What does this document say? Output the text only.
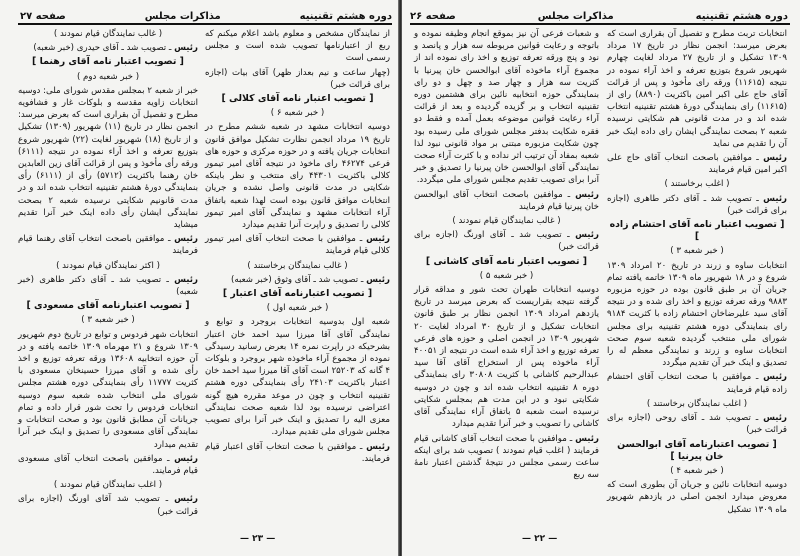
دوره هشتم تقنینیه
مذاکرات مجلس
صفحه ۲۷

از نمایندگان مشخص و معلوم باشد اعلام میکنم که ربع از اعتبارنامها تصویب شده است و مجلس رسمی است

(چهار ساعت و نیم بعداز ظهر) آقای بیات (اجازه برای قرائت خبر)

[ تصویب اعتبار نامه آقای کلالی ]

( خبر شعبه ۶ )

دوسیه انتخابات مشهد در شعبه ششم مطرح در تاریخ ۱۹ مرداد انجمن نظارت تشکیل موافق قانون انتخابات جریان یافته و در حوزه مرکزی و حوزه های فرعی ۴۶۲۷۴ رای ماخوذ در نتیجه آقای امیر تیمور کلالی باکثریت ۴۴۳۰۱ رای منتخب و نظر باینکه شکایتی در مدت قانونی واصل نشده و جریان انتخابات موافق قانون بوده است لهذا شعبه باتفاق آراء انتخابات مشهد و نمایندگی آقای امیر تیمور کلالی را تصدیق و راپرت آنرا تقدیم میدارد

رئیس ـ موافقین با صحت انتخاب آقای امیر تیمور کلالی قیام فرمایند

( غالب نمایندگان برخاستند )

رئیس ـ تصویب شد ـ آقای وثوق (خبر شعبه)

[ تصویب اعتبارنامه آقای اعتبار ]

( خبر شعبه اول )

شعبه اول بدوسیه انتخابات بروجرد و توابع و نمایندگی آقای آقا میرزا سید احمد خان اعتبار بشرحیکه در راپرت نمره ۱۴ بعرض رسانید رسیدگی نموده از مجموع آراء ماخوذه شهر بروجرد و بلوکات ۴ گانه که ۲۵۲۰۳ است آقای آقا میرزا سید احمد خان اعتبار باکثریت ۲۴۱۰۳ رأی بنمایندگی دوره هشتم تقنینیه انتخاب و چون در موعد مقرره هیچ گونه اعتراضی نرسیده بود لذا شعبه صحت نمایندگی معزی الیه را تصدیق و اینک خبر آنرا برای تصویب مجلس شورای ملی تقدیم میدارد.

رئیس ـ موافقین با صحت انتخاب آقای اعتبار قیام فرمایند.

( غالب نمایندگان قیام نمودند )

رئیس ـ تصویب شد ـ آقای حیدری (خبر شعبه)

[ تصویب اعتبار نامه آقای رهنما ]

( خبر شعبه دوم )

خبر از شعبه ۲ بمجلس مقدس شورای ملی: دوسیه انتخابات زاویه مقدسه و بلوکات غار و فشافویه مطرح و تفصیل آن بقراری است که بعرض میرسد: انجمن نظار در تاریخ (۱۱) شهریور (۱۳۰۹) تشکیل و از تاریخ (۱۸) شهریور لغایت (۲۲) شهریور شروع بتوزیع تعرفه و اخذ آراء نموده در نتیجه (۶۱۱۱) ورقه رأی مأخوذ و پس از قرائت آقای زین العابدین خان رهنما باکثریت (۵۷۱۲) رأی از (۶۱۱۱) رأی بنمایندگی دورهٔ هشتم تقنینیه انتخاب شده اند و در مدت قانونیم شکایتی نرسیده شعبه ۲ بصحت نمایندگی ایشان رأی داده اینک خبر آنرا تقدیم میشاید

رئیس ـ موافقین باصحت انتخاب آقای رهنما قیام فرمایند

( اکثر نمایندگان قیام نمودند )

رئیس ـ تصویب شد ـ آقای دکتر طاهری (خبر شعبه)

[ تصویب اعتبارنامه آقای مسعودی ]

( خبر شعبه ۳ )

انتخابات شهر فردوس و توابع در تاریخ دوم شهریور ۱۳۰۹ شروع و ۲۱ مهرماه ۱۳۰۹ خاتمه یافته و در آن حوزه انتخابیه ۱۳۶۰۸ ورقه تعرفه توزیع و اخذ رأی شده و آقای میرزا حسینخان مسعودی با کثریت ۱۱۷۷۷ رأی بنمایندگی دوره هشتم مجلس شورای ملی انتخاب شده شعبه سوم دوسیه انتخابات فردوس را تحت شور قرار داده و تمام جریانات آن مطابق قانون بود و صحت انتخابات و نمایندگی آقای مسعودی را تصدیق و اینک خبر آنرا تقدیم میدارد

رئیس ـ موافقین باصحت انتخاب آقای مسعودی قیام فرمایند.

( اغلب نمایندگان قیام نمودند )

رئیس ـ تصویب شد آقای اورنگ (اجازه برای قرائت خبر)

— ۲۳ —
دوره هشتم تقنینیه
مذاکرات مجلس
صفحه ۲۶

انتخابات تربت مطرح و تفصیل آن بقراری است که بعرض میرسد: انجمن نظار در تاریخ ۱۷ مرداد ۱۳۰۹ تشکیل و از تاریخ ۲۷ مرداد لغایت چهارم شهریور شروع بتوزیع تعرفه و اخذ آراء نموده در نتیجه (۱۱۶۱۵) ورقه رای مأخوذ و پس از قرائت آقای حاج علی اکبر امین باکثریت (۸۸۹۰) رای از (۱۱۶۱۵) رای بنمایندگی دورهٔ هشتم تقنینیه انتخاب شده اند و در مدت قانونی هم شکایتی نرسیده شعبه ۲ بصحت نمایندگی ایشان رای داده اینک خبر آن را تقدیم می نماید

رئیس ـ موافقین باصحت انتخاب آقای حاج علی اکبر امین قیام فرمایند

( اغلب برخاستند )

رئیس ـ تصویب شد ـ آقای دکتر طاهری (اجازه برای قرائت خبر)

[ تصویب اعتبار نامه آقای احتشام زاده ]

( خبر شعبه ۳ )

انتخابات ساوه و زرند در تاریخ ۲۰ امرداد ۱۳۰۹ شروع و در ۱۸ شهریور ماه ۱۳۰۹ خاتمه یافته تمام جریان آن بر طبق قانون بوده در حوزه مزبوره ۹۸۸۳ ورقه تعرفه توزیع و اخذ رای شده و در نتیجه آقای سید علیرضاخان احتشام زاده با کثریت ۹۱۸۴ رای بنمایندگی دوره هشتم تقنینیه برای مجلس شورای ملی منتخب گردیده شعبه سوم صحت انتخابات ساوه و زرند و نمایندگی معظم له را تصدیق و اینک خبر آن تقدیم میگردد

رئیس ـ موافقین با صحت انتخاب آقای احتشام زاده قیام فرمایند

( اغلب نمایندگان برخاستند )

رئیس ـ تصویب شد ـ آقای روحی (اجازه برای قرائت خبر)

[ تصویب اعتبارنامه آقای ابوالحسن خان پیرنیا ]

( خبر شعبه ۴ )

دوسیه انتخابات نائین و جریان آن بطوری است که معروض میدارد انجمن اصلی در یازدهم شهریور ماه ۱۳۰۹ تشکیل

و شعبات فرعی آن نیز بموقع انجام وظیفه نموده و باتوجه و رعایت قوانین مربوطه سه هزار و پانصد و نود و پنج ورقه تعرفه توزیع و اخذ رای نموده اند از مجموع آراء ماخوذه آقای ابوالحسن خان پیرنیا با کثریت سه هزار و چهار صد و چهل و دو رای بنمایندگی حوزه انتخابیه نائین برای هشتمین دوره تقنینیه انتخاب و بر گزیده گردیده و بعد از قرائت آراء رعایت قوانین موضوعه بعمل آمده و فقط دو فقره شکایت بدفتر مجلس شورای ملی رسیده بود چون شکایت مزبوره مبتنی بر مواد قانونی نبود لذا شعبه بمفاد آن ترتیب اثر نداده و با کثرت آراء صحت نمایندگی آقای ابوالحسن خان پیرنیا را تصدیق و خبر آنرا برای تصویب تقدیم مجلس شورای ملی میگردد.

رئیس ـ موافقین باصحت انتخاب آقای ابوالحسن خان پیرنیا قیام فرمایند

( غالب نمایندگان قیام نمودند )

رئیس ـ تصویب شد ـ آقای اورنگ (اجازه برای قرائت خبر)

[ تصویب اعتبار نامه آقای کاشانی ]

( خبر شعبه ۵ )

دوسیه انتخابات طهران تحت شور و مداقه قرار گرفته نتیجه بقراریست که بعرض میرسد در تاریخ یازدهم امرداد ۱۳۰۹ انجمن نظار بر طبق قانون انتخابات تشکیل و از تاریخ ۳۰ امرداد لغایت ۲۰ شهریور ۱۳۰۹ در انجمن اصلی و حوزه های فرعی تعرفه توزیع و اخذ آراء شده است در نتیجه از ۴۰۰۵۱ آراء ماخوذه پس از استخراج آقای آقا سید عبدالرحیم کاشانی با کثریت ۳۰۸۰۸ رای بنمایندگی دوره ۸ تقنینیه انتخاب شده اند و چون در دوسیه شکایتی نبود و در این مدت هم بمجلس شکایتی نرسیده است شعبه ۵ باتفاق آراء نمایندگی آقای کاشانی را تصویب و خبر آنرا تقدیم میدارد

رئیس ـ موافقین با صحت انتخاب آقای کاشانی قیام فرمایند ( اغلب قیام نمودند ) تصویب شد برای اینکه ساعت رسمی مجلس در نتیجهٔ گذشتن اعتبار نامهٔ سه ربع

— ۲۲ —
